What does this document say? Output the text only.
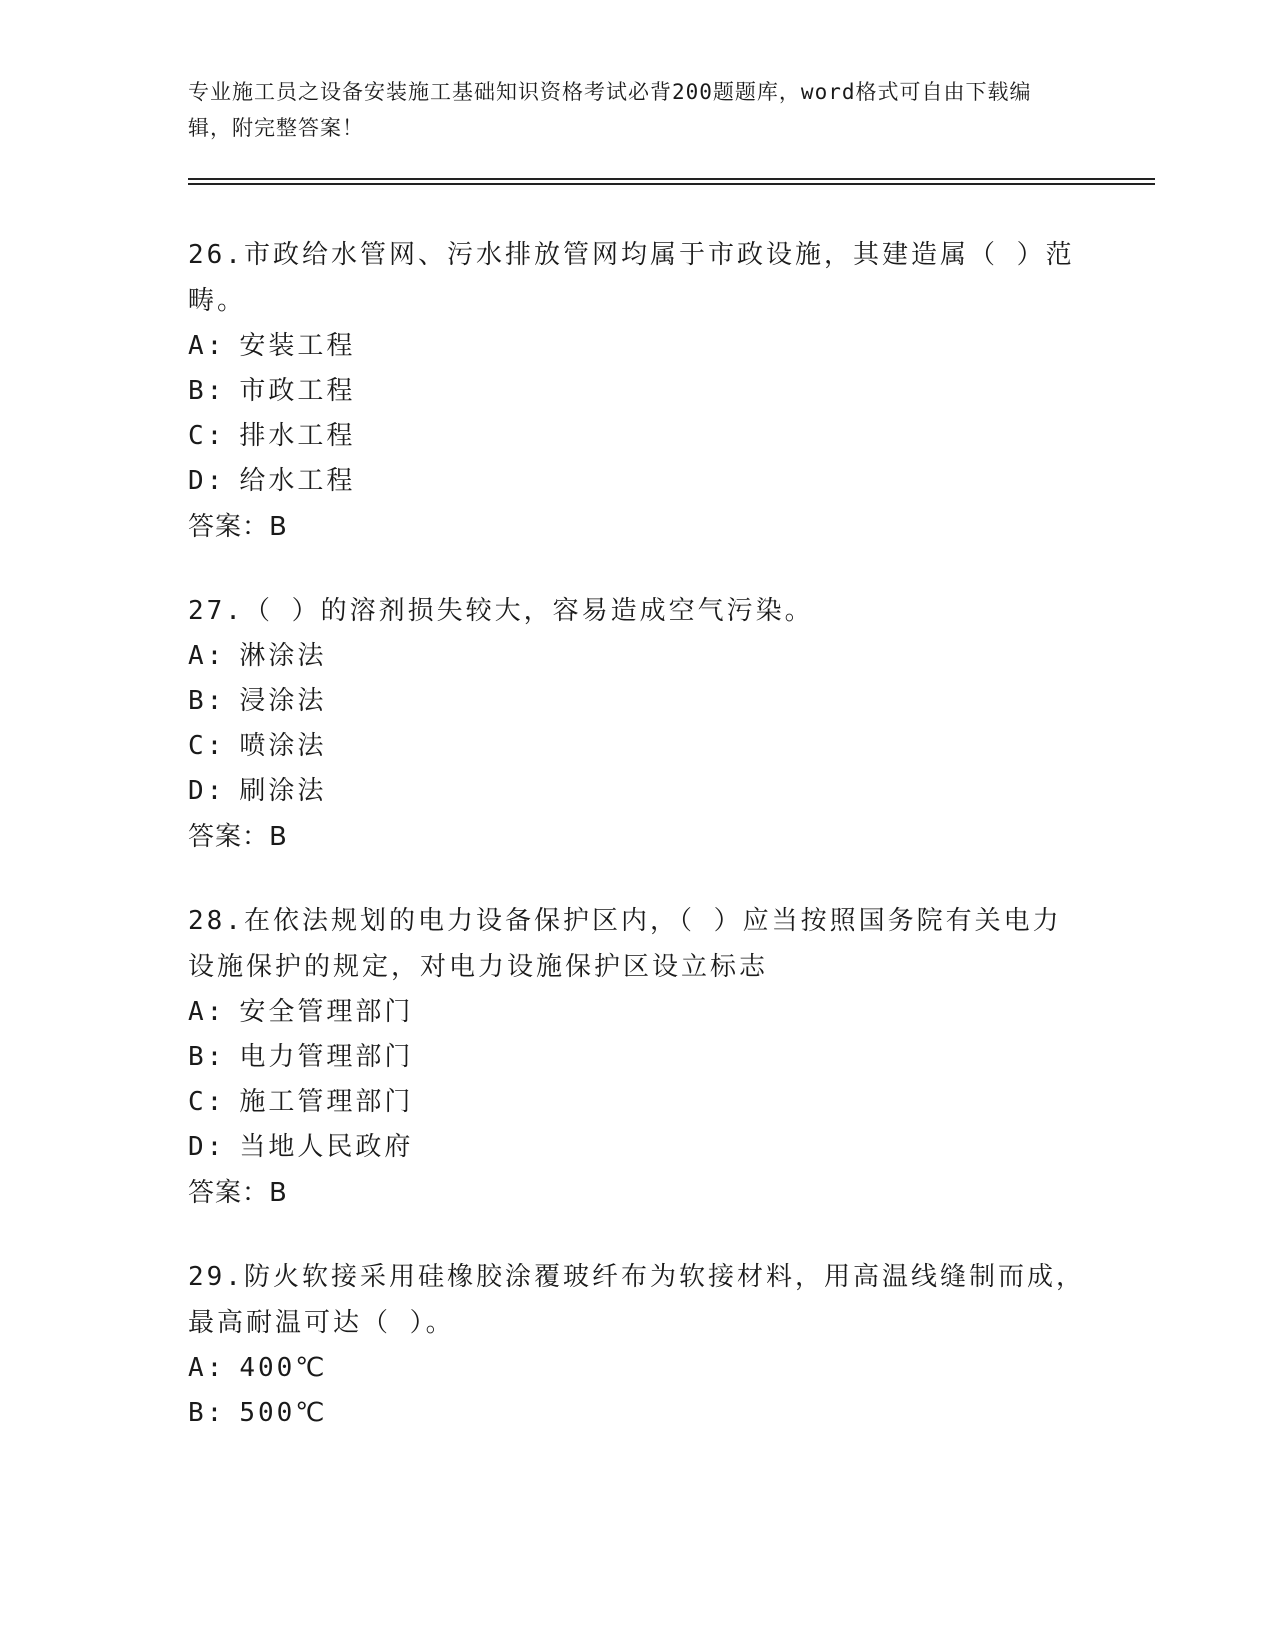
专业施工员之设备安装施工基础知识资格考试必背200题题库，word格式可自由下载编辑，附完整答案！

26.市政给水管网、污水排放管网均属于市政设施，其建造属（ ）范畴。

A: 安装工程

B: 市政工程

C: 排水工程

D: 给水工程

答案：B

27.（ ）的溶剂损失较大，容易造成空气污染。

A: 淋涂法

B: 浸涂法

C: 喷涂法

D: 刷涂法

答案：B

28.在依法规划的电力设备保护区内，（ ）应当按照国务院有关电力设施保护的规定，对电力设施保护区设立标志

A: 安全管理部门

B: 电力管理部门

C: 施工管理部门

D: 当地人民政府

答案：B

29.防火软接采用硅橡胶涂覆玻纤布为软接材料，用高温线缝制而成，最高耐温可达（ ）。

A: 400℃

B: 500℃
